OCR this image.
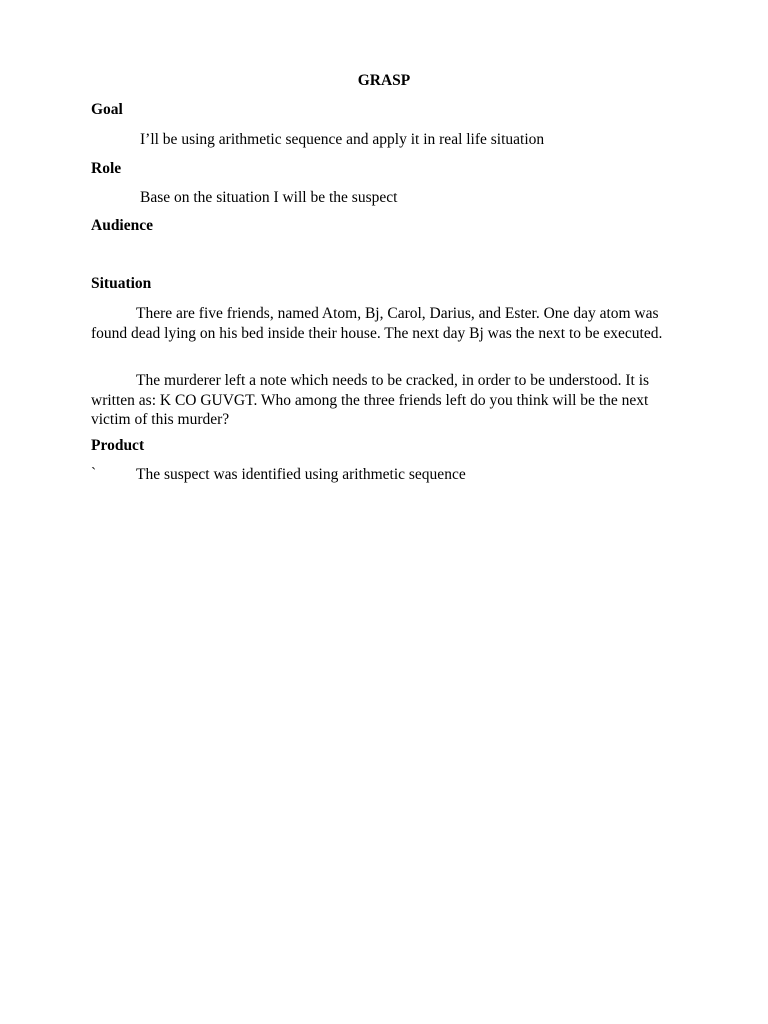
GRASP
Goal
I’ll be using arithmetic sequence and apply it in real life situation
Role
Base on the situation I will be the suspect
Audience
Situation
There are five friends, named Atom, Bj, Carol, Darius, and Ester. One day atom was found dead lying on his bed inside their house. The next day Bj was the next to be executed.
The murderer left a note which needs to be cracked, in order to be understood. It is written as: K CO GUVGT. Who among the three friends left do you think will be the next victim of this murder?
Product
`	The suspect was identified using arithmetic sequence
